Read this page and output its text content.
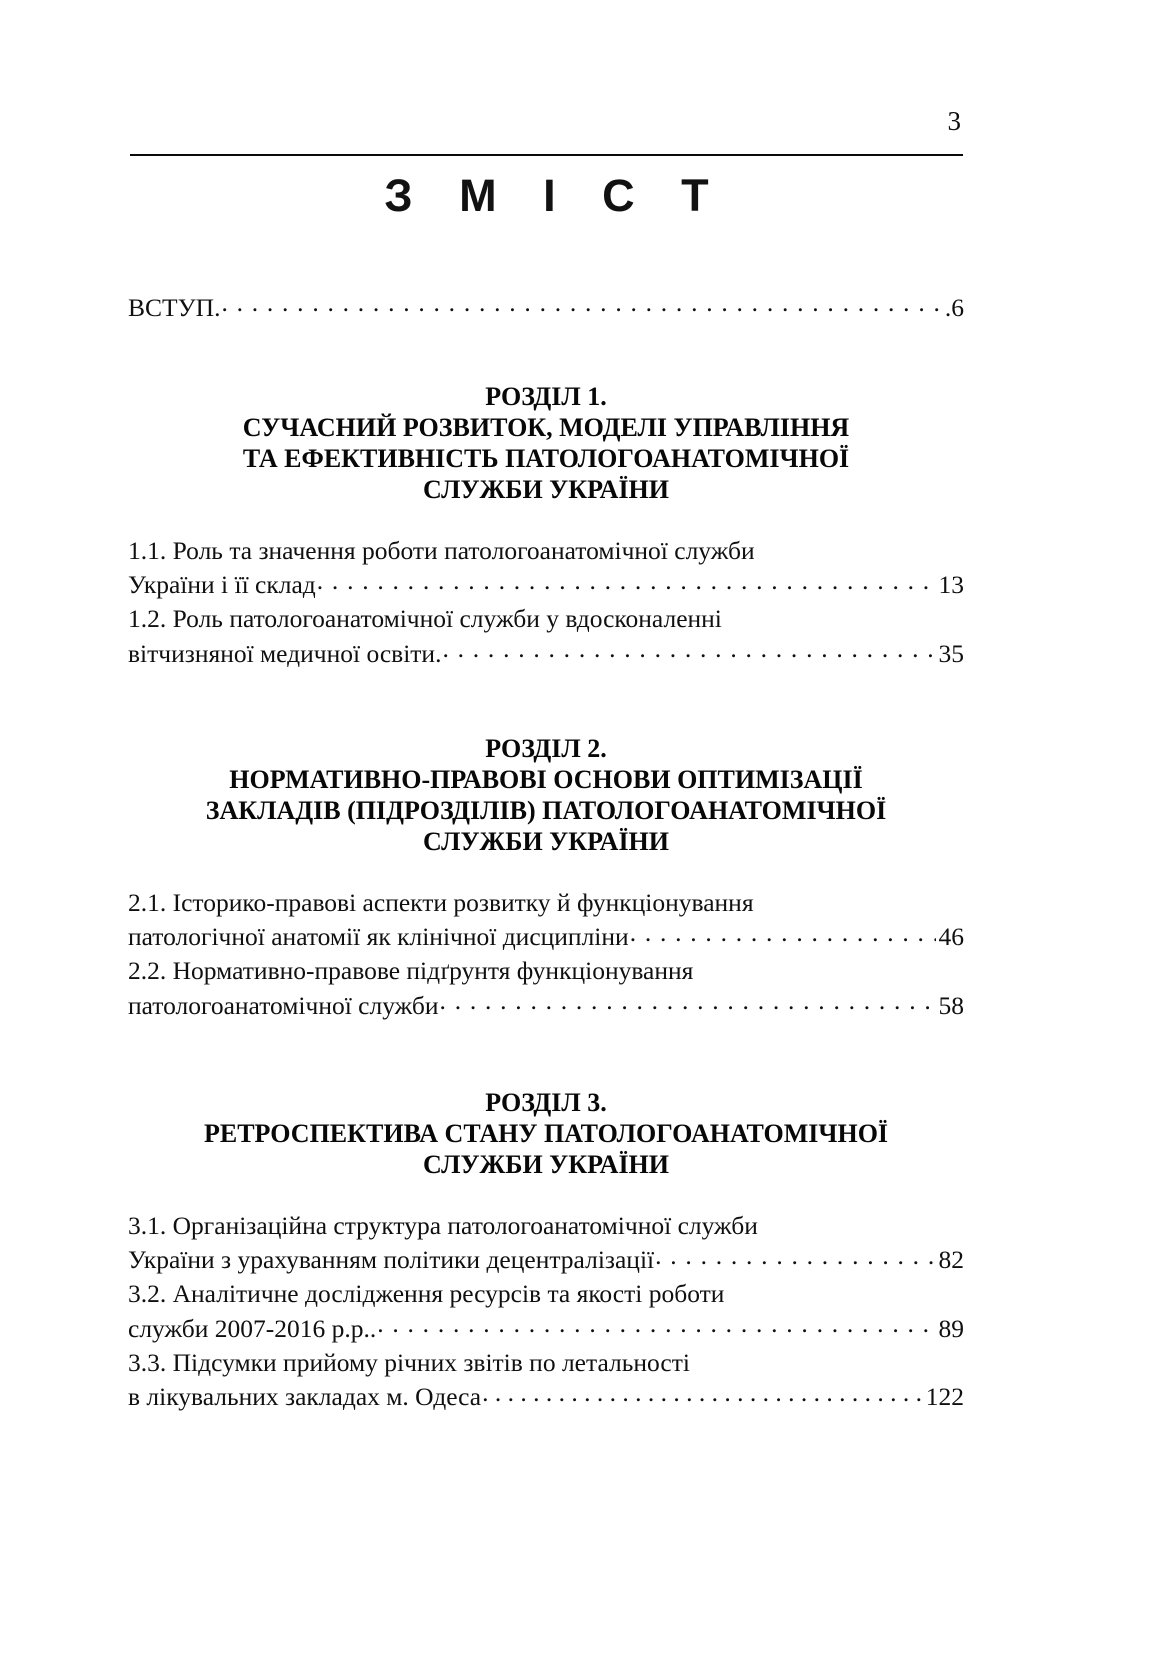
3
З М І С Т
ВСТУП. . . .	.6
РОЗДІЛ 1.
СУЧАСНИЙ РОЗВИТОК, МОДЕЛІ УПРАВЛІННЯ
ТА ЕФЕКТИВНІСТЬ ПАТОЛОГОАНАТОМІЧНОЇ
СЛУЖБИ УКРАЇНИ
1.1. Роль та значення роботи патологоанатомічної служби
України і її склад . . .	13
1.2. Роль патологоанатомічної служби у вдосконаленні
вітчизняної медичної освіти. . . .	35
РОЗДІЛ 2.
НОРМАТИВНО-ПРАВОВІ ОСНОВИ ОПТИМІЗАЦІЇ
ЗАКЛАДІВ (ПІДРОЗДІЛІВ) ПАТОЛОГОАНАТОМІЧНОЇ
СЛУЖБИ УКРАЇНИ
2.1. Історико-правові аспекти розвитку й функціонування
патологічної анатомії як клінічної дисципліни . . .	46
2.2. Нормативно-правове підґрунтя функціонування
патологоанатомічної служби . . .	58
РОЗДІЛ 3.
РЕТРОСПЕКТИВА СТАНУ ПАТОЛОГОАНАТОМІЧНОЇ
СЛУЖБИ УКРАЇНИ
3.1. Організаційна структура патологоанатомічної служби
України з урахуванням політики децентралізації . . .	82
3.2. Аналітичне дослідження ресурсів та якості роботи
служби 2007-2016 р.р.. . . .	89
3.3. Підсумки прийому річних звітів по летальності
в лікувальних закладах м. Одеса . . .	122
